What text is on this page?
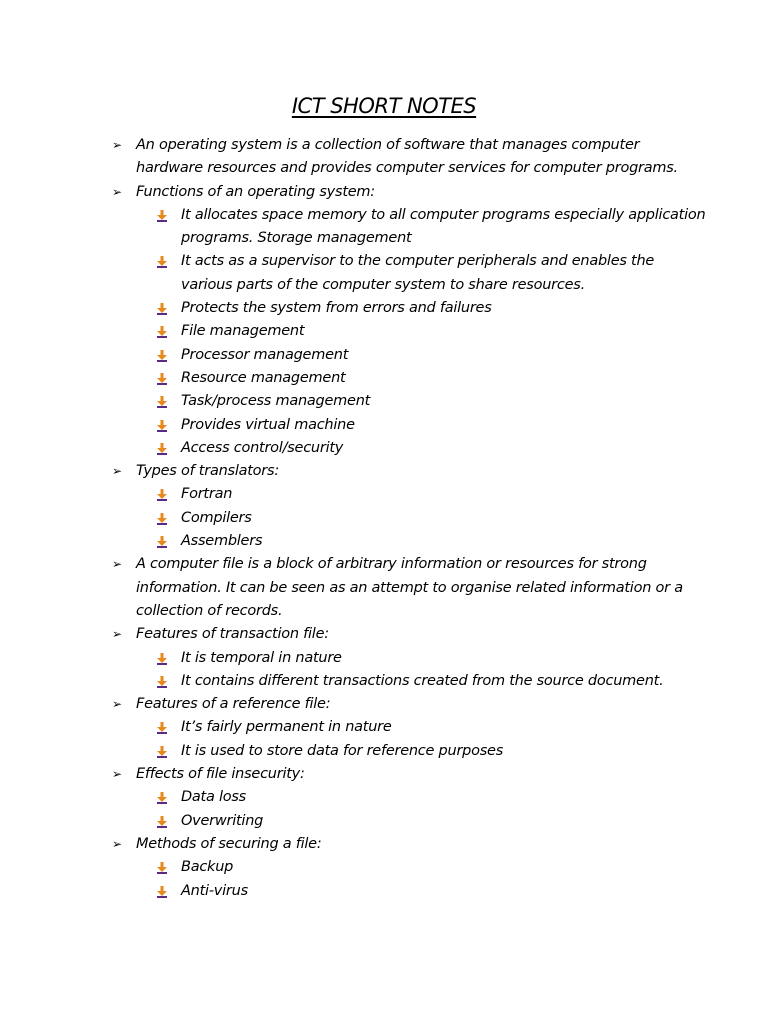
ICT SHORT NOTES
➢ An operating system is a collection of software that manages computer hardware resources and provides computer services for computer programs.
➢ Functions of an operating system:
It allocates space memory to all computer programs especially application programs. Storage management
It acts as a supervisor to the computer peripherals and enables the various parts of the computer system to share resources.
Protects the system from errors and failures
File management
Processor management
Resource management
Task/process management
Provides virtual machine
Access control/security
➢ Types of translators:
Fortran
Compilers
Assemblers
➢ A computer file is a block of arbitrary information or resources for strong information. It can be seen as an attempt to organise related information or a collection of records.
➢ Features of transaction file:
It is temporal in nature
It contains different transactions created from the source document.
➢ Features of a reference file:
It’s fairly permanent in nature
It is used to store data for reference purposes
➢ Effects of file insecurity:
Data loss
Overwriting
➢ Methods of securing a file:
Backup
Anti-virus
